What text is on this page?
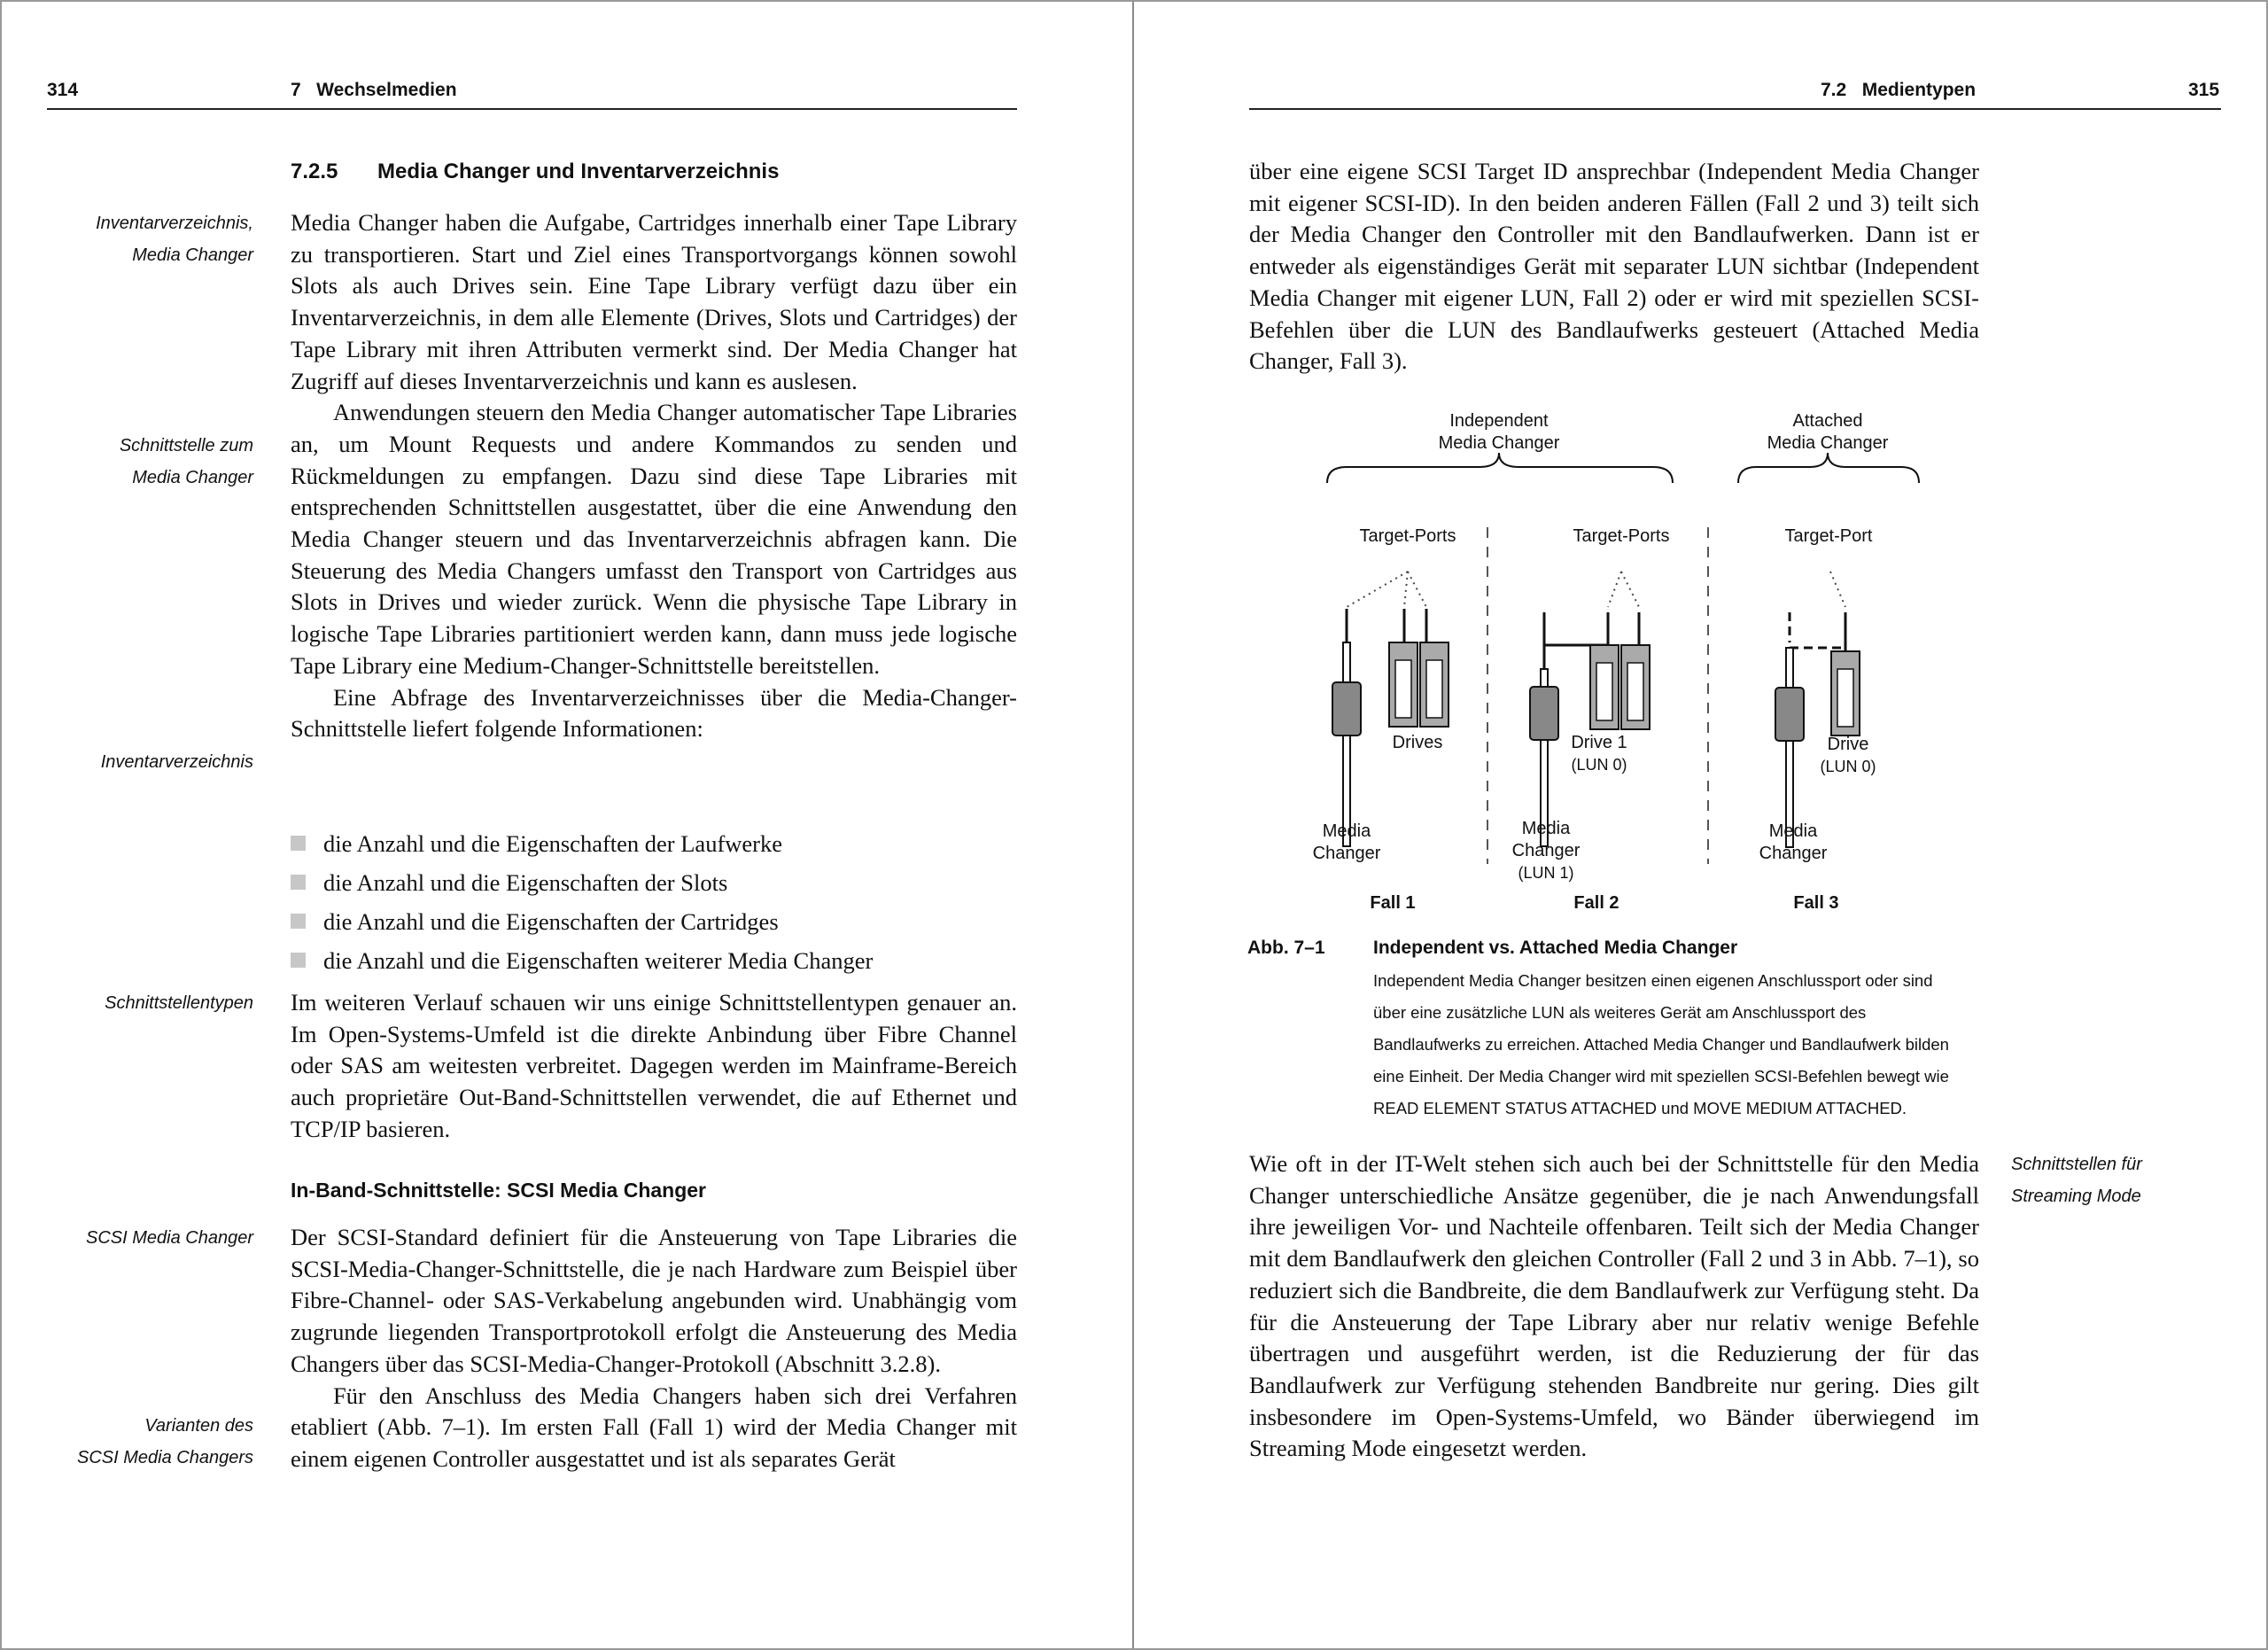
314	7   Wechselmedien
7.2.5 Media Changer und Inventarverzeichnis
Inventarverzeichnis,
Media Changer
Schnittstelle zum
Media Changer
Inventarverzeichnis
Schnittstellentypen
SCSI Media Changer
Varianten des
SCSI Media Changers

Media Changer haben die Aufgabe, Cartridges innerhalb einer Tape Library zu transportieren. Start und Ziel eines Transportvorgangs können sowohl Slots als auch Drives sein. Eine Tape Library verfügt dazu über ein Inventarverzeichnis, in dem alle Elemente (Drives, Slots und Cartridges) der Tape Library mit ihren Attributen vermerkt sind. Der Media Changer hat Zugriff auf dieses Inventarverzeichnis und kann es auslesen.

Anwendungen steuern den Media Changer automatischer Tape Libraries an, um Mount Requests und andere Kommandos zu senden und Rückmeldungen zu empfangen. Dazu sind diese Tape Libraries mit entsprechenden Schnittstellen ausgestattet, über die eine Anwendung den Media Changer steuern und das Inventarverzeichnis abfragen kann. Die Steuerung des Media Changers umfasst den Transport von Cartridges aus Slots in Drives und wieder zurück. Wenn die physische Tape Library in logische Tape Libraries partitioniert werden kann, dann muss jede logische Tape Library eine Medium-Changer-Schnittstelle bereitstellen.

Eine Abfrage des Inventarverzeichnisses über die Media-Changer-Schnittstelle liefert folgende Informationen:

die Anzahl und die Eigenschaften der Laufwerke
die Anzahl und die Eigenschaften der Slots
die Anzahl und die Eigenschaften der Cartridges
die Anzahl und die Eigenschaften weiterer Media Changer

Im weiteren Verlauf schauen wir uns einige Schnittstellentypen genauer an. Im Open-Systems-Umfeld ist die direkte Anbindung über Fibre Channel oder SAS am weitesten verbreitet. Dagegen werden im Mainframe-Bereich auch proprietäre Out-Band-Schnittstellen verwendet, die auf Ethernet und TCP/IP basieren.

In-Band-Schnittstelle: SCSI Media Changer

Der SCSI-Standard definiert für die Ansteuerung von Tape Libraries die SCSI-Media-Changer-Schnittstelle, die je nach Hardware zum Beispiel über Fibre-Channel- oder SAS-Verkabelung angebunden wird. Unabhängig vom zugrunde liegenden Transportprotokoll erfolgt die Ansteuerung des Media Changers über das SCSI-Media-Changer-Protokoll (Abschnitt 3.2.8).

Für den Anschluss des Media Changers haben sich drei Verfahren etabliert (Abb. 7–1). Im ersten Fall (Fall 1) wird der Media Changer mit einem eigenen Controller ausgestattet und ist als separates Gerät

7.2   Medientypen	315

über eine eigene SCSI Target ID ansprechbar (Independent Media Changer mit eigener SCSI-ID). In den beiden anderen Fällen (Fall 2 und 3) teilt sich der Media Changer den Controller mit den Bandlaufwerken. Dann ist er entweder als eigenständiges Gerät mit separater LUN sichtbar (Independent Media Changer mit eigener LUN, Fall 2) oder er wird mit speziellen SCSI-Befehlen über die LUN des Bandlaufwerks gesteuert (Attached Media Changer, Fall 3).

Independent
Media Changer
Attached
Media Changer
Target-Ports	Target-Ports	Target-Port
Drives
Media
Changer
Drive 1
(LUN 0)
Media
Changer
(LUN 1)
Drive
(LUN 0)
Media
Changer
Fall 1	Fall 2	Fall 3
Abb. 7–1	Independent vs. Attached Media Changer
Independent Media Changer besitzen einen eigenen Anschlussport oder sind über eine zusätzliche LUN als weiteres Gerät am Anschlussport des Bandlaufwerks zu erreichen. Attached Media Changer und Bandlaufwerk bilden eine Einheit. Der Media Changer wird mit speziellen SCSI-Befehlen bewegt wie READ ELEMENT STATUS ATTACHED und MOVE MEDIUM ATTACHED.
Schnittstellen für
Streaming Mode

Wie oft in der IT-Welt stehen sich auch bei der Schnittstelle für den Media Changer unterschiedliche Ansätze gegenüber, die je nach Anwendungsfall ihre jeweiligen Vor- und Nachteile offenbaren. Teilt sich der Media Changer mit dem Bandlaufwerk den gleichen Controller (Fall 2 und 3 in Abb. 7–1), so reduziert sich die Bandbreite, die dem Bandlaufwerk zur Verfügung steht. Da für die Ansteuerung der Tape Library aber nur relativ wenige Befehle übertragen und ausgeführt werden, ist die Reduzierung der für das Bandlaufwerk zur Verfügung stehenden Bandbreite nur gering. Dies gilt insbesondere im Open-Systems-Umfeld, wo Bänder überwiegend im Streaming Mode eingesetzt werden.
